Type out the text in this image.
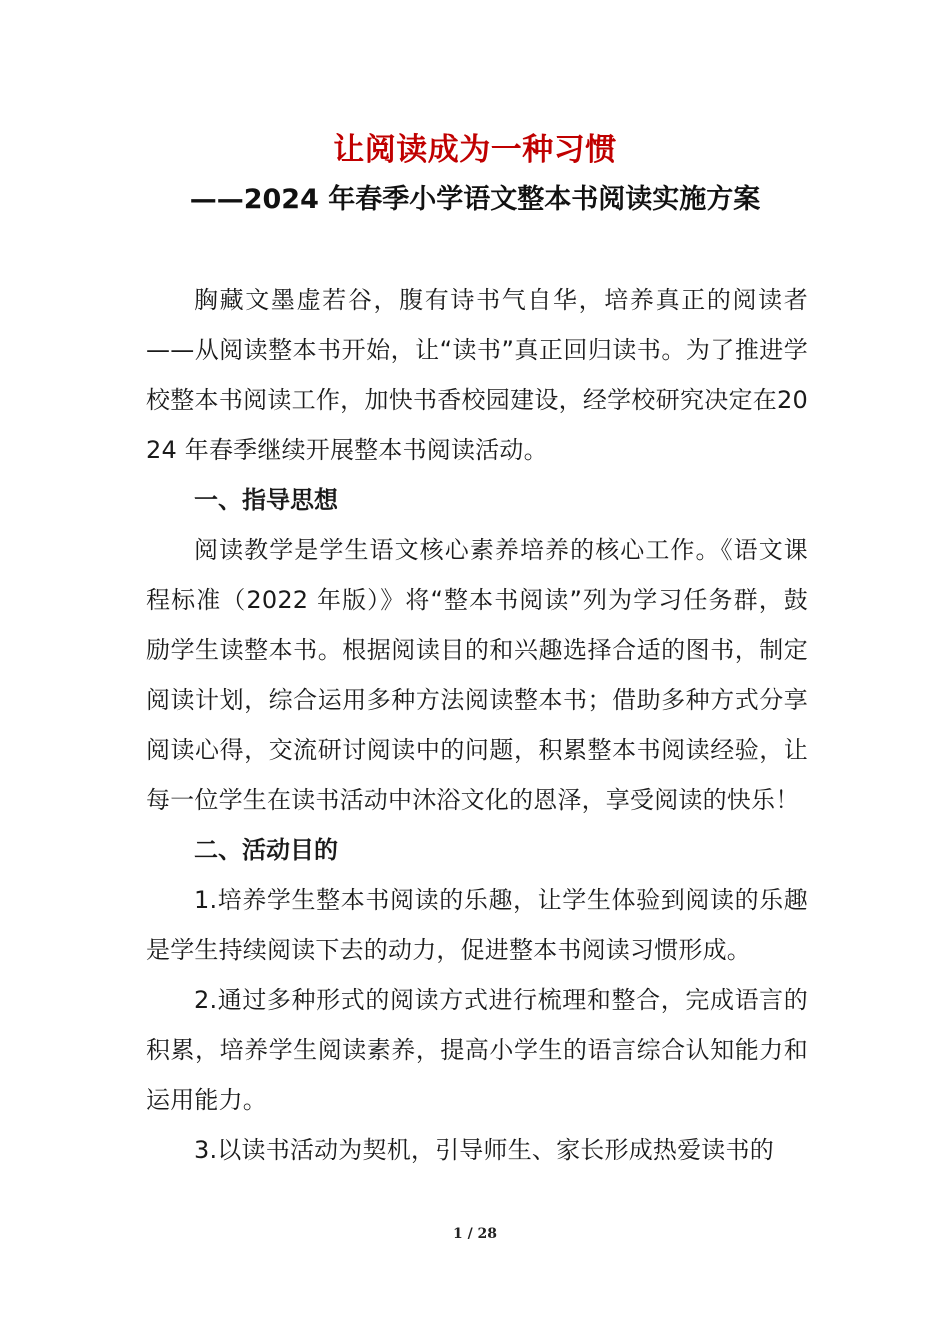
让阅读成为一种习惯
——2024 年春季小学语文整本书阅读实施方案

胸藏文墨虚若谷，腹有诗书气自华，培养真正的阅读者——从阅读整本书开始，让“读书”真正回归读书。为了推进学校整本书阅读工作，加快书香校园建设，经学校研究决定在2024 年春季继续开展整本书阅读活动。

一、指导思想

阅读教学是学生语文核心素养培养的核心工作。《语文课程标准（2022 年版）》将“整本书阅读”列为学习任务群，鼓励学生读整本书。根据阅读目的和兴趣选择合适的图书，制定阅读计划，综合运用多种方法阅读整本书；借助多种方式分享阅读心得，交流研讨阅读中的问题，积累整本书阅读经验，让每一位学生在读书活动中沐浴文化的恩泽，享受阅读的快乐！

二、活动目的

1.培养学生整本书阅读的乐趣，让学生体验到阅读的乐趣是学生持续阅读下去的动力，促进整本书阅读习惯形成。

2.通过多种形式的阅读方式进行梳理和整合，完成语言的积累，培养学生阅读素养，提高小学生的语言综合认知能力和运用能力。

3.以读书活动为契机，引导师生、家长形成热爱读书的

1 / 28
